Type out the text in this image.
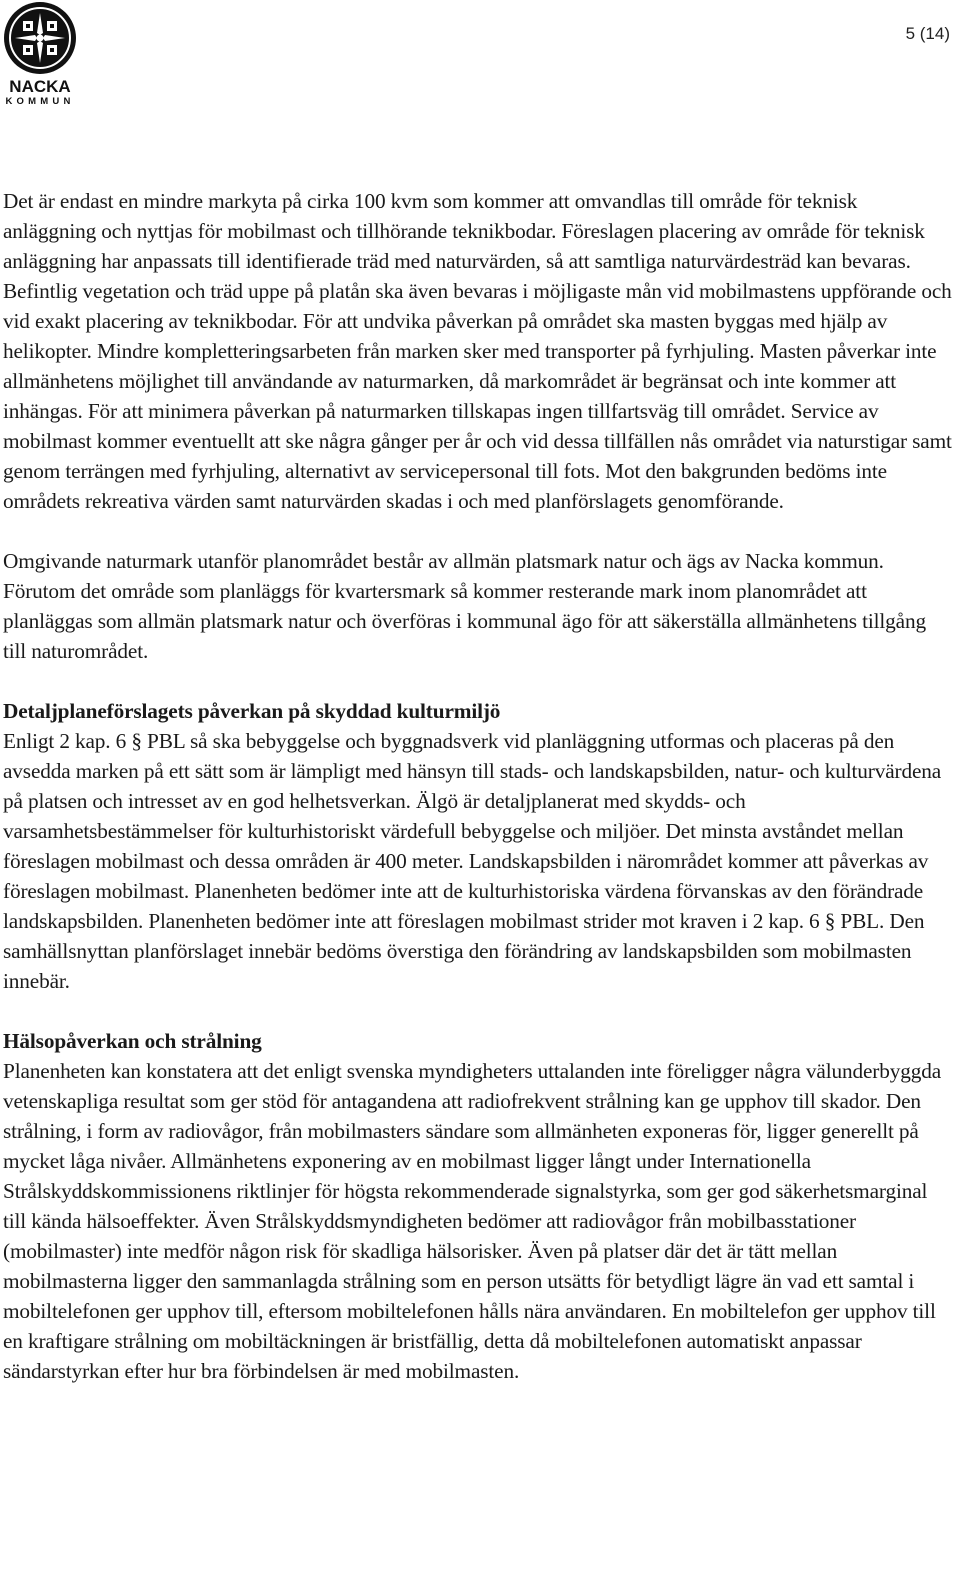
NACKA
KOMMUN
5 (14)

Det är endast en mindre markyta på cirka 100 kvm som kommer att omvandlas till område för teknisk anläggning och nyttjas för mobilmast och tillhörande teknikbodar. Föreslagen placering av område för teknisk anläggning har anpassats till identifierade träd med naturvärden, så att samtliga naturvärdesträd kan bevaras. Befintlig vegetation och träd uppe på platån ska även bevaras i möjligaste mån vid mobilmastens uppförande och vid exakt placering av teknikbodar. För att undvika påverkan på området ska masten byggas med hjälp av helikopter. Mindre kompletteringsarbeten från marken sker med transporter på fyrhjuling. Masten påverkar inte allmänhetens möjlighet till användande av naturmarken, då markområdet är begränsat och inte kommer att inhängas. För att minimera påverkan på naturmarken tillskapas ingen tillfartsväg till området. Service av mobilmast kommer eventuellt att ske några gånger per år och vid dessa tillfällen nås området via naturstigar samt genom terrängen med fyrhjuling, alternativt av servicepersonal till fots. Mot den bakgrunden bedöms inte områdets rekreativa värden samt naturvärden skadas i och med planförslagets genomförande.

Omgivande naturmark utanför planområdet består av allmän platsmark natur och ägs av Nacka kommun. Förutom det område som planläggs för kvartersmark så kommer resterande mark inom planområdet att planläggas som allmän platsmark natur och överföras i kommunal ägo för att säkerställa allmänhetens tillgång till naturområdet.

Detaljplaneförslagets påverkan på skyddad kulturmiljö

Enligt 2 kap. 6 § PBL så ska bebyggelse och byggnadsverk vid planläggning utformas och placeras på den avsedda marken på ett sätt som är lämpligt med hänsyn till stads- och landskapsbilden, natur- och kulturvärdena på platsen och intresset av en god helhetsverkan. Älgö är detaljplanerat med skydds- och varsamhetsbestämmelser för kulturhistoriskt värdefull bebyggelse och miljöer. Det minsta avståndet mellan föreslagen mobilmast och dessa områden är 400 meter. Landskapsbilden i närområdet kommer att påverkas av föreslagen mobilmast. Planenheten bedömer inte att de kulturhistoriska värdena förvanskas av den förändrade landskapsbilden. Planenheten bedömer inte att föreslagen mobilmast strider mot kraven i 2 kap. 6 § PBL. Den samhällsnyttan planförslaget innebär bedöms överstiga den förändring av landskapsbilden som mobilmasten innebär.

Hälsopåverkan och strålning

Planenheten kan konstatera att det enligt svenska myndigheters uttalanden inte föreligger några välunderbyggda vetenskapliga resultat som ger stöd för antagandena att radiofrekvent strålning kan ge upphov till skador. Den strålning, i form av radiovågor, från mobilmasters sändare som allmänheten exponeras för, ligger generellt på mycket låga nivåer. Allmänhetens exponering av en mobilmast ligger långt under Internationella Strålskyddskommissionens riktlinjer för högsta rekommenderade signalstyrka, som ger god säkerhetsmarginal till kända hälsoeffekter. Även Strålskyddsmyndigheten bedömer att radiovågor från mobilbasstationer (mobilmaster) inte medför någon risk för skadliga hälsorisker. Även på platser där det är tätt mellan mobilmasterna ligger den sammanlagda strålning som en person utsätts för betydligt lägre än vad ett samtal i mobiltelefonen ger upphov till, eftersom mobiltelefonen hålls nära användaren. En mobiltelefon ger upphov till en kraftigare strålning om mobiltäckningen är bristfällig, detta då mobiltelefonen automatiskt anpassar sändarstyrkan efter hur bra förbindelsen är med mobilmasten.
